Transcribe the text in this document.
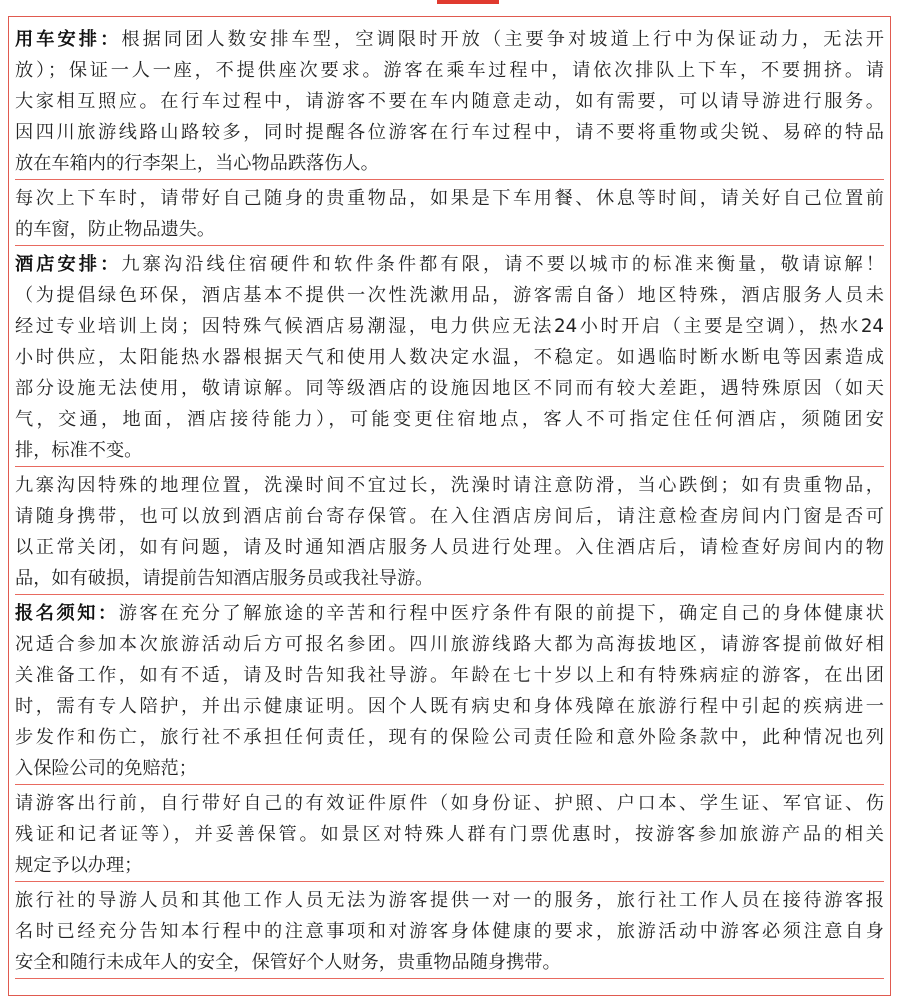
用车安排：根据同团人数安排车型，空调限时开放（主要争对坡道上行中为保证动力，无法开
放）；保证一人一座，不提供座次要求。游客在乘车过程中，请依次排队上下车，不要拥挤。请
大家相互照应。在行车过程中，请游客不要在车内随意走动，如有需要，可以请导游进行服务。
因四川旅游线路山路较多，同时提醒各位游客在行车过程中，请不要将重物或尖锐、易碎的特品
放在车箱内的行李架上，当心物品跌落伤人。
每次上下车时，请带好自己随身的贵重物品，如果是下车用餐、休息等时间，请关好自己位置前
的车窗，防止物品遗失。
酒店安排：九寨沟沿线住宿硬件和软件条件都有限，请不要以城市的标准来衡量，敬请谅解！
（为提倡绿色环保，酒店基本不提供一次性洗漱用品，游客需自备）地区特殊，酒店服务人员未
经过专业培训上岗；因特殊气候酒店易潮湿，电力供应无法24小时开启（主要是空调），热水24
小时供应，太阳能热水器根据天气和使用人数决定水温，不稳定。如遇临时断水断电等因素造成
部分设施无法使用，敬请谅解。同等级酒店的设施因地区不同而有较大差距，遇特殊原因（如天
气，交通，地面，酒店接待能力），可能变更住宿地点，客人不可指定住任何酒店，须随团安
排，标准不变。
九寨沟因特殊的地理位置，洗澡时间不宜过长，洗澡时请注意防滑，当心跌倒；如有贵重物品，
请随身携带，也可以放到酒店前台寄存保管。在入住酒店房间后，请注意检查房间内门窗是否可
以正常关闭，如有问题，请及时通知酒店服务人员进行处理。入住酒店后，请检查好房间内的物
品，如有破损，请提前告知酒店服务员或我社导游。
报名须知：游客在充分了解旅途的辛苦和行程中医疗条件有限的前提下，确定自己的身体健康状
况适合参加本次旅游活动后方可报名参团。四川旅游线路大都为高海拔地区，请游客提前做好相
关准备工作，如有不适，请及时告知我社导游。年龄在七十岁以上和有特殊病症的游客，在出团
时，需有专人陪护，并出示健康证明。因个人既有病史和身体残障在旅游行程中引起的疾病进一
步发作和伤亡，旅行社不承担任何责任，现有的保险公司责任险和意外险条款中，此种情况也列
入保险公司的免赔范；
请游客出行前，自行带好自己的有效证件原件（如身份证、护照、户口本、学生证、军官证、伤
残证和记者证等），并妥善保管。如景区对特殊人群有门票优惠时，按游客参加旅游产品的相关
规定予以办理；
旅行社的导游人员和其他工作人员无法为游客提供一对一的服务，旅行社工作人员在接待游客报
名时已经充分告知本行程中的注意事项和对游客身体健康的要求，旅游活动中游客必须注意自身
安全和随行未成年人的安全，保管好个人财务，贵重物品随身携带。
